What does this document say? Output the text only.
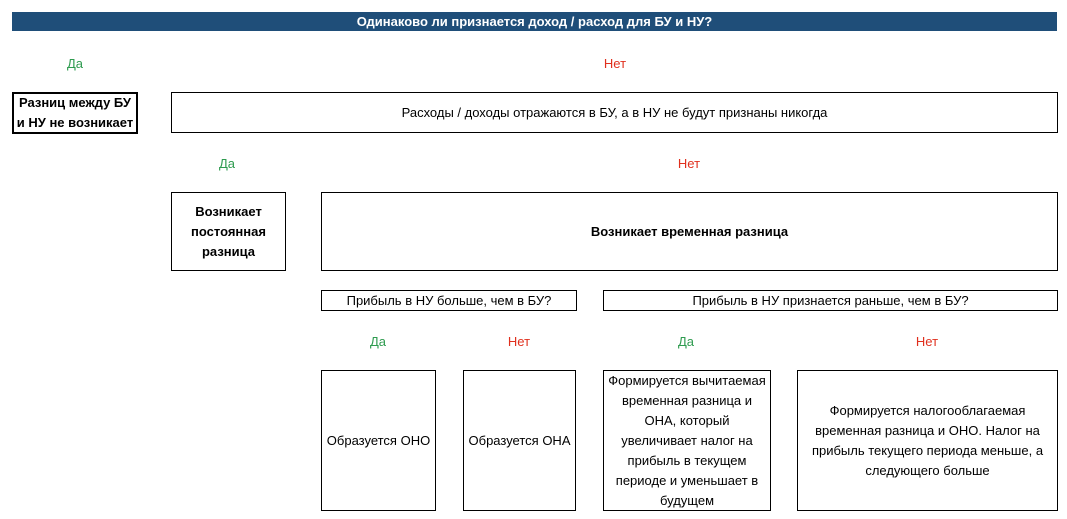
Одинаково ли признается доход / расход для БУ и НУ?
Да	Нет
Разниц между БУ и НУ не возникает
Расходы / доходы отражаются в БУ, а в НУ не будут признаны никогда
Да	Нет
Возникает постоянная разница
Возникает временная разница
Прибыль в НУ больше, чем в БУ?	Прибыль в НУ признается раньше, чем в БУ?
Да	Нет	Да	Нет
Образуется ОНО	Образуется ОНА
Формируется вычитаемая временная разница и ОНА, который увеличивает налог на прибыль в текущем периоде и уменьшает в будущем
Формируется налогооблагаемая временная разница и ОНО. Налог на прибыль текущего периода меньше, а следующего больше
